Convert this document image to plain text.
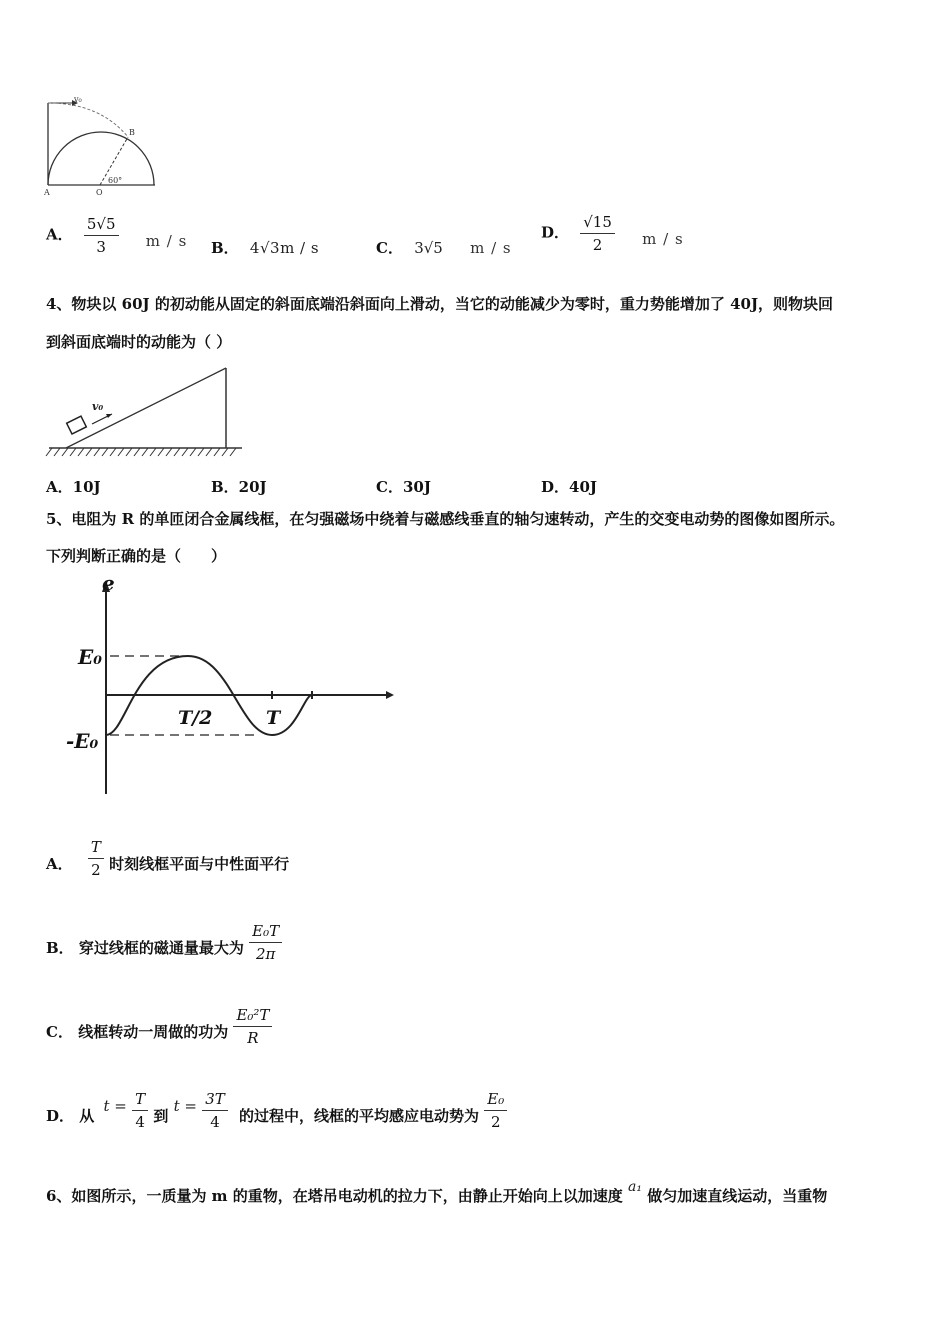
v₀
B
A	O
60°
A． $\frac{5√5}{3}$ m / s B． 4√3m / s	C． 3√5 m / s
D． $\frac{√15}{2}$ m / s
4、物块以 60J 的初动能从固定的斜面底端沿斜面向上滑动，当它的动能减少为零时，重力势能增加了 40J，则物块回
到斜面底端时的动能为（ ）
v₀
A．10J	B．20J	C．30J	D．40J
5、电阻为 R 的单匝闭合金属线框，在匀强磁场中绕着与磁感线垂直的轴匀速转动，产生的交变电动势的图像如图所示。
下列判断正确的是（　　）
e
E₀
-E₀
T/2	T
A． $\frac{T}{2}$ 时刻线框平面与中性面平行
B． 穿过线框的磁通量最大为 $\frac{\text{E₀T}}{2\pi}$
C． 线框转动一周做的功为 $\frac{\text{E₀²T}}{R}$
D． 从 $t = \frac{T}{4}$ 到 $t = \frac{3T}{4}$ 的过程中，线框的平均感应电动势为 $\frac{\text{E₀}}{2}$
6、如图所示，一质量为 m 的重物，在塔吊电动机的拉力下，由静止开始向上以加速度 a₁ 做匀加速直线运动，当重物
